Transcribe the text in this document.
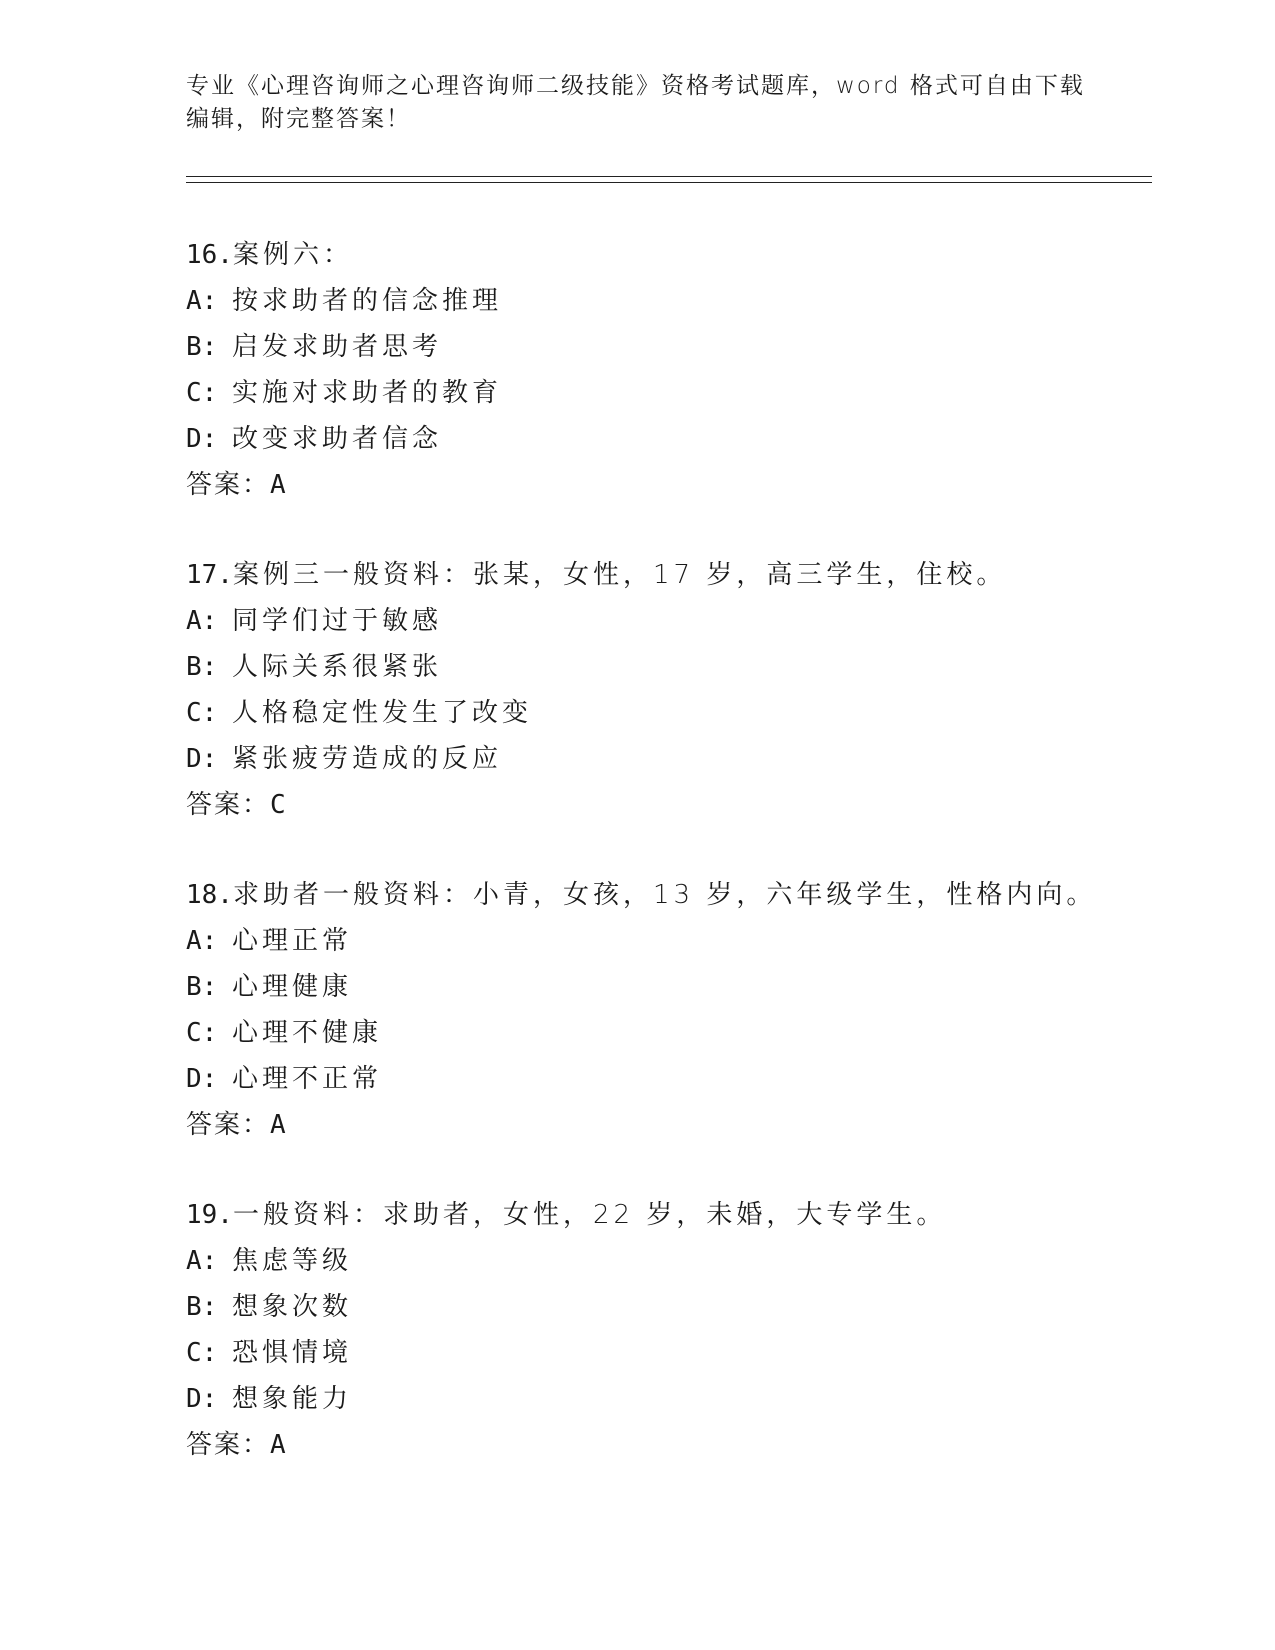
专业《心理咨询师之心理咨询师二级技能》资格考试题库，word 格式可自由下载
编辑，附完整答案！
16.案例六：
A: 按求助者的信念推理
B: 启发求助者思考
C: 实施对求助者的教育
D: 改变求助者信念
答案：A
17.案例三一般资料：张某，女性，17 岁，高三学生，住校。
A: 同学们过于敏感
B: 人际关系很紧张
C: 人格稳定性发生了改变
D: 紧张疲劳造成的反应
答案：C
18.求助者一般资料：小青，女孩，13 岁，六年级学生，性格内向。
A: 心理正常
B: 心理健康
C: 心理不健康
D: 心理不正常
答案：A
19.一般资料：求助者，女性，22 岁，未婚，大专学生。
A: 焦虑等级
B: 想象次数
C: 恐惧情境
D: 想象能力
答案：A
